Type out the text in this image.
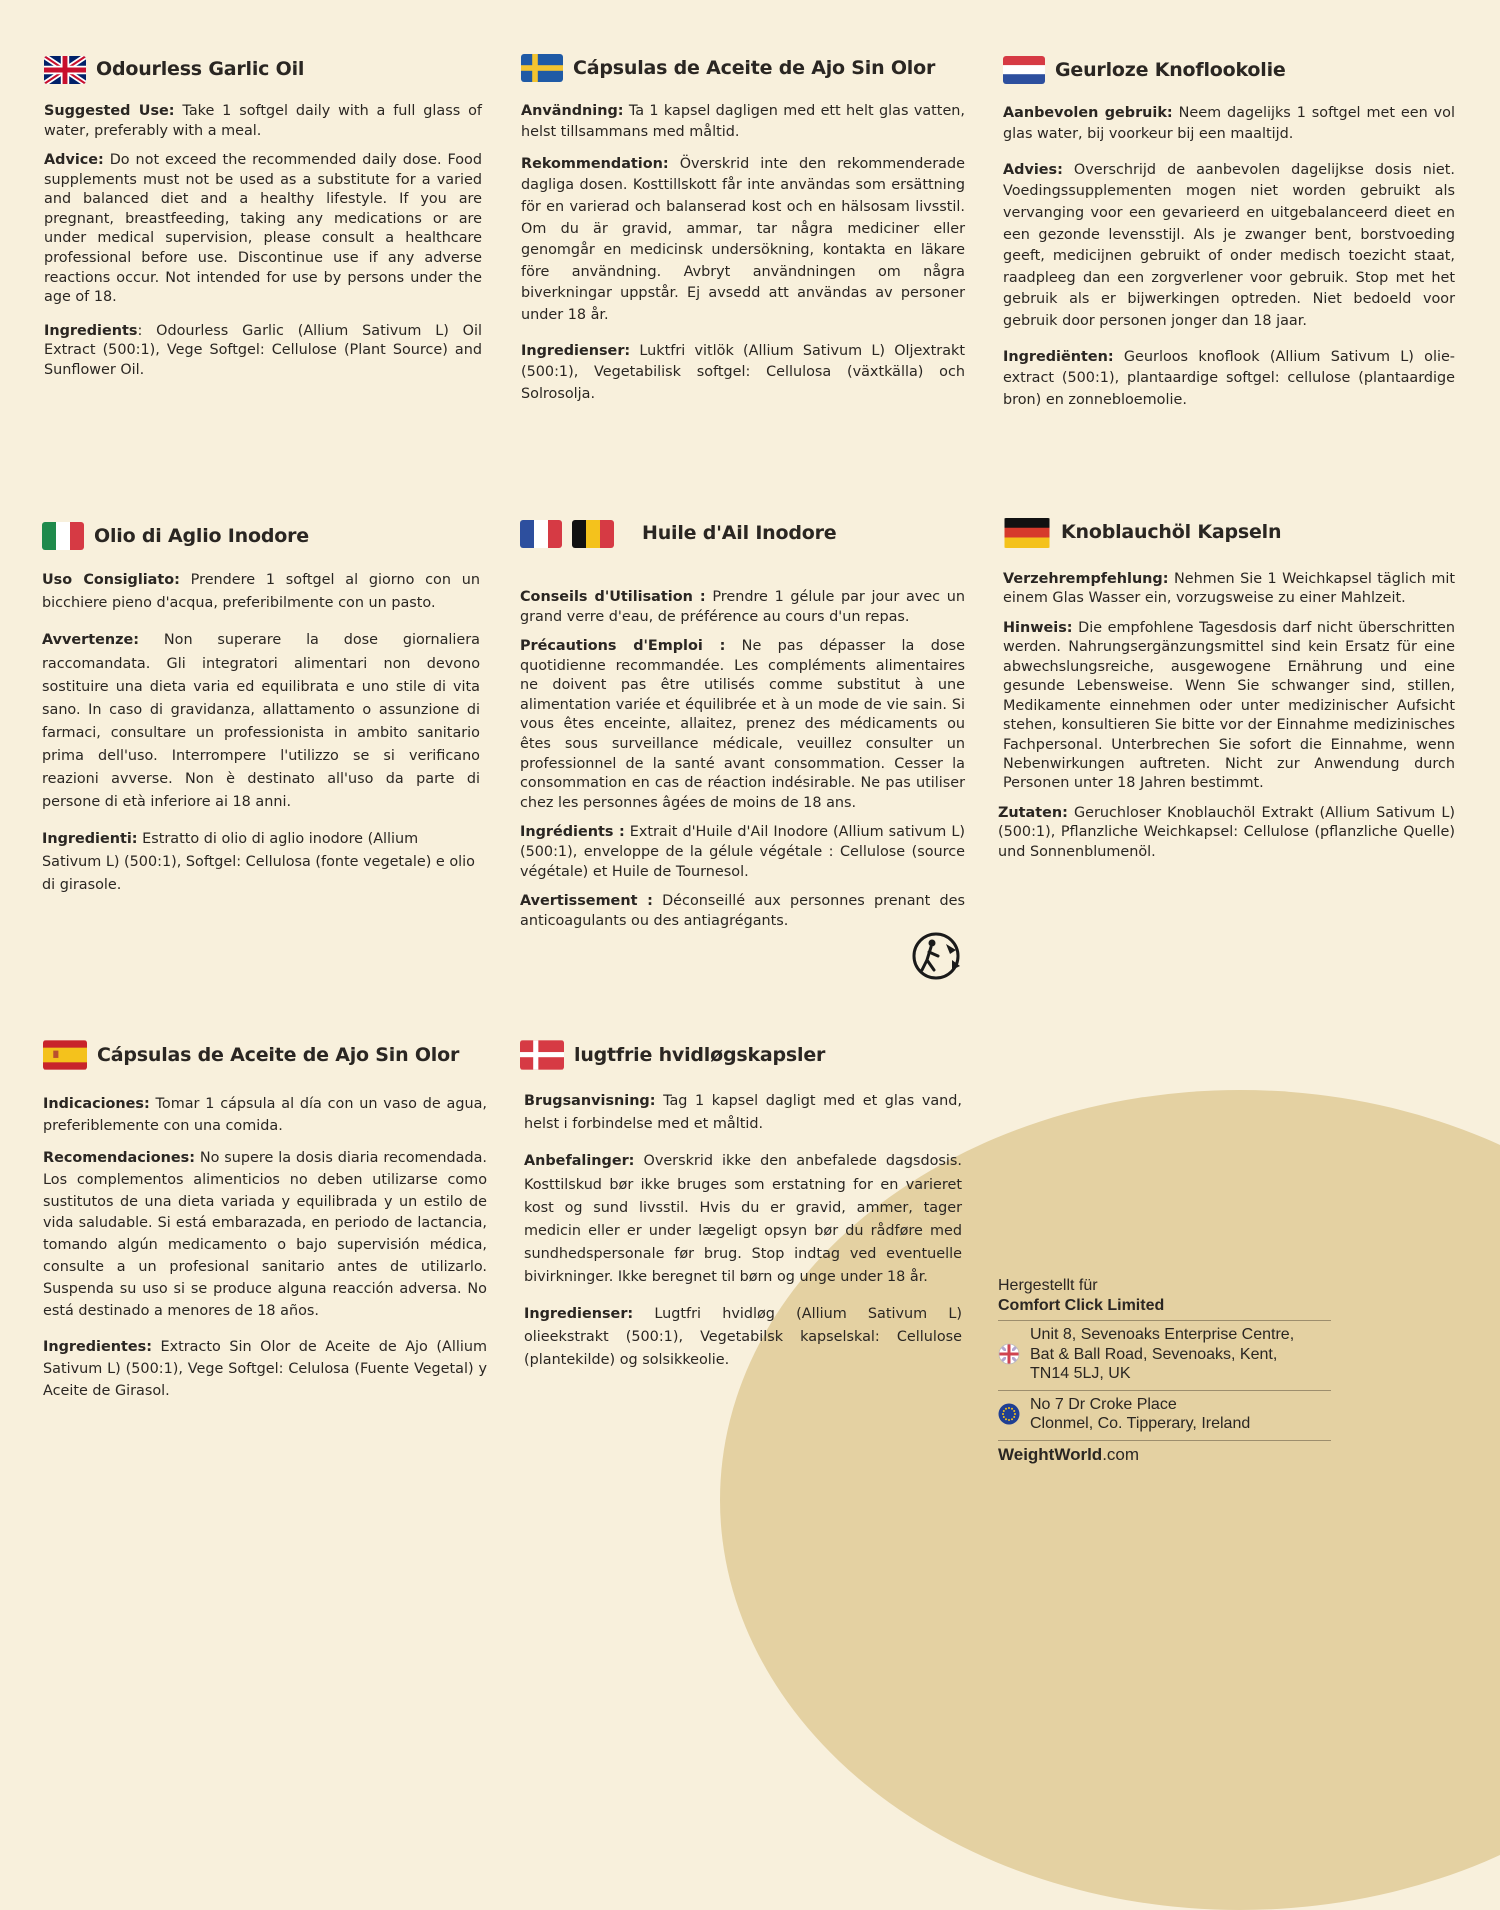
Odourless Garlic Oil

Suggested Use: Take 1 softgel daily with a full glass of water, preferably with a meal.

Advice: Do not exceed the recommended daily dose. Food supplements must not be used as a substitute for a varied and balanced diet and a healthy lifestyle. If you are pregnant, breastfeeding, taking any medications or are under medical supervision, please consult a healthcare professional before use. Discontinue use if any adverse reactions occur. Not intended for use by persons under the age of 18.

Ingredients: Odourless Garlic (Allium Sativum L) Oil Extract (500:1), Vege Softgel: Cellulose (Plant Source) and Sunflower Oil.

Cápsulas de Aceite de Ajo Sin Olor

Användning: Ta 1 kapsel dagligen med ett helt glas vatten, helst tillsammans med måltid.

Rekommendation: Överskrid inte den rekommenderade dagliga dosen. Kosttillskott får inte användas som ersättning för en varierad och balanserad kost och en hälsosam livsstil. Om du är gravid, ammar, tar några mediciner eller genomgår en medicinsk undersökning, kontakta en läkare före användning. Avbryt användningen om några biverkningar uppstår. Ej avsedd att användas av personer under 18 år.

Ingredienser: Luktfri vitlök (Allium Sativum L) Oljextrakt (500:1), Vegetabilisk softgel: Cellulosa (växtkälla) och Solrosolja.

Geurloze Knoflookolie

Aanbevolen gebruik: Neem dagelijks 1 softgel met een vol glas water, bij voorkeur bij een maaltijd.

Advies: Overschrijd de aanbevolen dagelijkse dosis niet. Voedingssupplementen mogen niet worden gebruikt als vervanging voor een gevarieerd en uitgebalanceerd dieet en een gezonde levensstijl. Als je zwanger bent, borstvoeding geeft, medicijnen gebruikt of onder medisch toezicht staat, raadpleeg dan een zorgverlener voor gebruik. Stop met het gebruik als er bijwerkingen optreden. Niet bedoeld voor gebruik door personen jonger dan 18 jaar.

Ingrediënten: Geurloos knoflook (Allium Sativum L) olie-extract (500:1), plantaardige softgel: cellulose (plantaardige bron) en zonnebloemolie.

Olio di Aglio Inodore

Uso Consigliato: Prendere 1 softgel al giorno con un bicchiere pieno d'acqua, preferibilmente con un pasto.

Avvertenze: Non superare la dose giornaliera raccomandata. Gli integratori alimentari non devono sostituire una dieta varia ed equilibrata e uno stile di vita sano. In caso di gravidanza, allattamento o assunzione di farmaci, consultare un professionista in ambito sanitario prima dell'uso. Interrompere l'utilizzo se si verificano reazioni avverse. Non è destinato all'uso da parte di persone di età inferiore ai 18 anni.

Ingredienti: Estratto di olio di aglio inodore (Allium Sativum L) (500:1), Softgel: Cellulosa (fonte vegetale) e olio di girasole.

Huile d'Ail Inodore

Conseils d'Utilisation : Prendre 1 gélule par jour avec un grand verre d'eau, de préférence au cours d'un repas.

Précautions d'Emploi : Ne pas dépasser la dose quotidienne recommandée. Les compléments alimentaires ne doivent pas être utilisés comme substitut à une alimentation variée et équilibrée et à un mode de vie sain. Si vous êtes enceinte, allaitez, prenez des médicaments ou êtes sous surveillance médicale, veuillez consulter un professionnel de la santé avant consommation. Cesser la consommation en cas de réaction indésirable. Ne pas utiliser chez les personnes âgées de moins de 18 ans.

Ingrédients : Extrait d'Huile d'Ail Inodore (Allium sativum L) (500:1), enveloppe de la gélule végétale : Cellulose (source végétale) et Huile de Tournesol.

Avertissement : Déconseillé aux personnes prenant des anticoagulants ou des antiagrégants.

Knoblauchöl Kapseln

Verzehrempfehlung: Nehmen Sie 1 Weichkapsel täglich mit einem Glas Wasser ein, vorzugsweise zu einer Mahlzeit.

Hinweis: Die empfohlene Tagesdosis darf nicht überschritten werden. Nahrungsergänzungsmittel sind kein Ersatz für eine abwechslungsreiche, ausgewogene Ernährung und eine gesunde Lebensweise. Wenn Sie schwanger sind, stillen, Medikamente einnehmen oder unter medizinischer Aufsicht stehen, konsultieren Sie bitte vor der Einnahme medizinisches Fachpersonal. Unterbrechen Sie sofort die Einnahme, wenn Nebenwirkungen auftreten. Nicht zur Anwendung durch Personen unter 18 Jahren bestimmt.

Zutaten: Geruchloser Knoblauchöl Extrakt (Allium Sativum L) (500:1), Pflanzliche Weichkapsel: Cellulose (pflanzliche Quelle) und Sonnenblumenöl.

Cápsulas de Aceite de Ajo Sin Olor

Indicaciones: Tomar 1 cápsula al día con un vaso de agua, preferiblemente con una comida.

Recomendaciones: No supere la dosis diaria recomendada. Los complementos alimenticios no deben utilizarse como sustitutos de una dieta variada y equilibrada y un estilo de vida saludable. Si está embarazada, en periodo de lactancia, tomando algún medicamento o bajo supervisión médica, consulte a un profesional sanitario antes de utilizarlo. Suspenda su uso si se produce alguna reacción adversa. No está destinado a menores de 18 años.

Ingredientes: Extracto Sin Olor de Aceite de Ajo (Allium Sativum L) (500:1), Vege Softgel: Celulosa (Fuente Vegetal) y Aceite de Girasol.

lugtfrie hvidløgskapsler

Brugsanvisning: Tag 1 kapsel dagligt med et glas vand, helst i forbindelse med et måltid.

Anbefalinger: Overskrid ikke den anbefalede dagsdosis. Kosttilskud bør ikke bruges som erstatning for en varieret kost og sund livsstil. Hvis du er gravid, ammer, tager medicin eller er under lægeligt opsyn bør du rådføre med sundhedspersonale før brug. Stop indtag ved eventuelle bivirkninger. Ikke beregnet til børn og unge under 18 år.

Ingredienser: Lugtfri hvidløg (Allium Sativum L) olieekstrakt (500:1), Vegetabilsk kapselskal: Cellulose (plantekilde) og solsikkeolie.

Hergestellt für
Comfort Click Limited
Unit 8, Sevenoaks Enterprise Centre,
Bat & Ball Road, Sevenoaks, Kent,
TN14 5LJ, UK
No 7 Dr Croke Place
Clonmel, Co. Tipperary, Ireland
WeightWorld.com
